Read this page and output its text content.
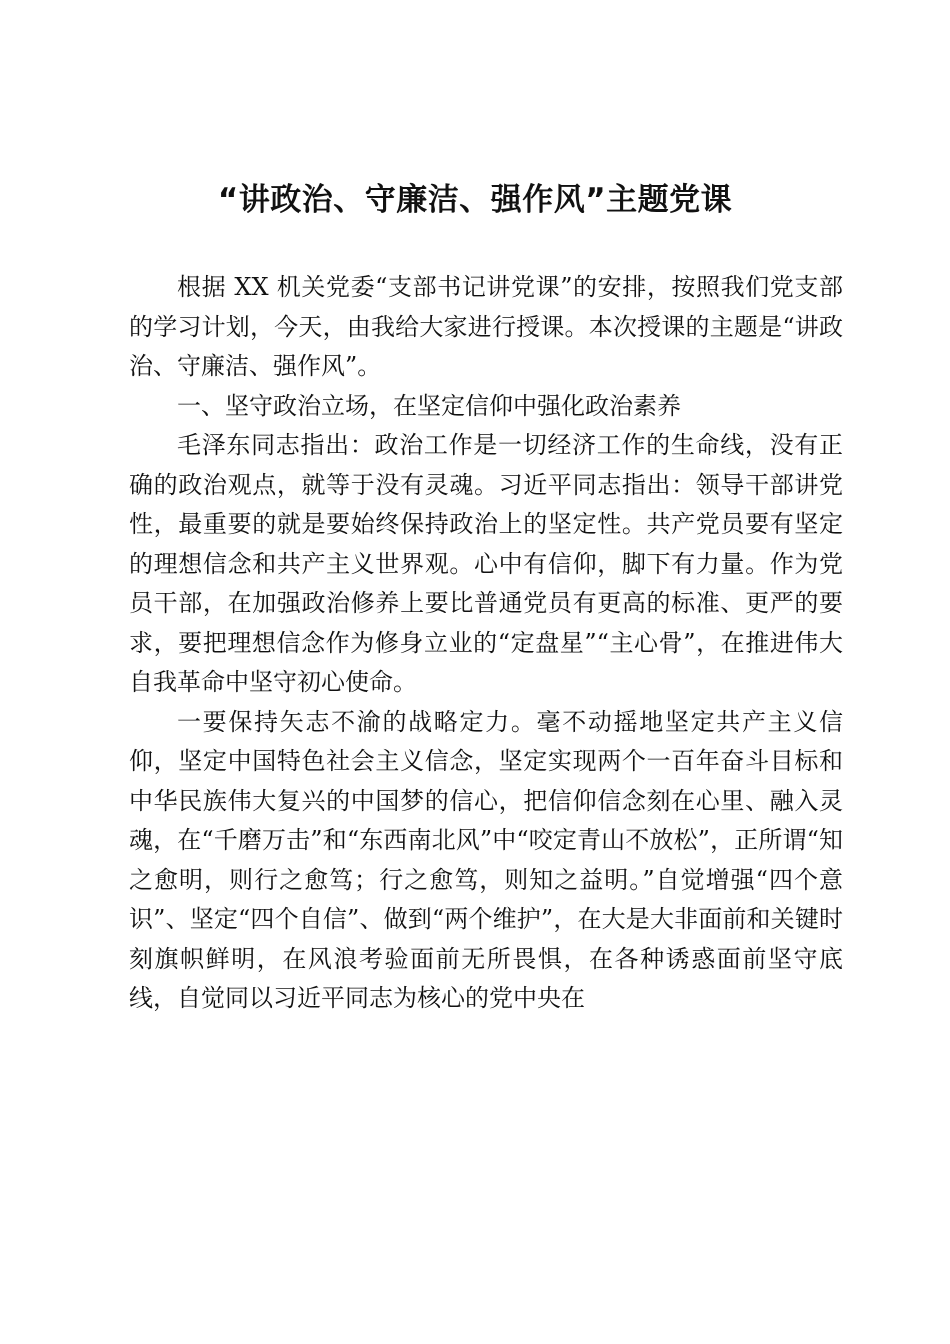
“讲政治、守廉洁、强作风”主题党课

根据 XX 机关党委“支部书记讲党课”的安排，按照我们党支部的学习计划，今天，由我给大家进行授课。本次授课的主题是“讲政治、守廉洁、强作风”。

一、坚守政治立场，在坚定信仰中强化政治素养

毛泽东同志指出：政治工作是一切经济工作的生命线，没有正确的政治观点，就等于没有灵魂。习近平同志指出：领导干部讲党性，最重要的就是要始终保持政治上的坚定性。共产党员要有坚定的理想信念和共产主义世界观。心中有信仰，脚下有力量。作为党员干部，在加强政治修养上要比普通党员有更高的标准、更严的要求，要把理想信念作为修身立业的“定盘星”“主心骨”，在推进伟大自我革命中坚守初心使命。

一要保持矢志不渝的战略定力。毫不动摇地坚定共产主义信仰，坚定中国特色社会主义信念，坚定实现两个一百年奋斗目标和中华民族伟大复兴的中国梦的信心，把信仰信念刻在心里、融入灵魂，在“千磨万击”和“东西南北风”中“咬定青山不放松”，正所谓“知之愈明，则行之愈笃；行之愈笃，则知之益明。”自觉增强“四个意识”、坚定“四个自信”、做到“两个维护”，在大是大非面前和关键时刻旗帜鲜明，在风浪考验面前无所畏惧，在各种诱惑面前坚守底线，自觉同以习近平同志为核心的党中央在
